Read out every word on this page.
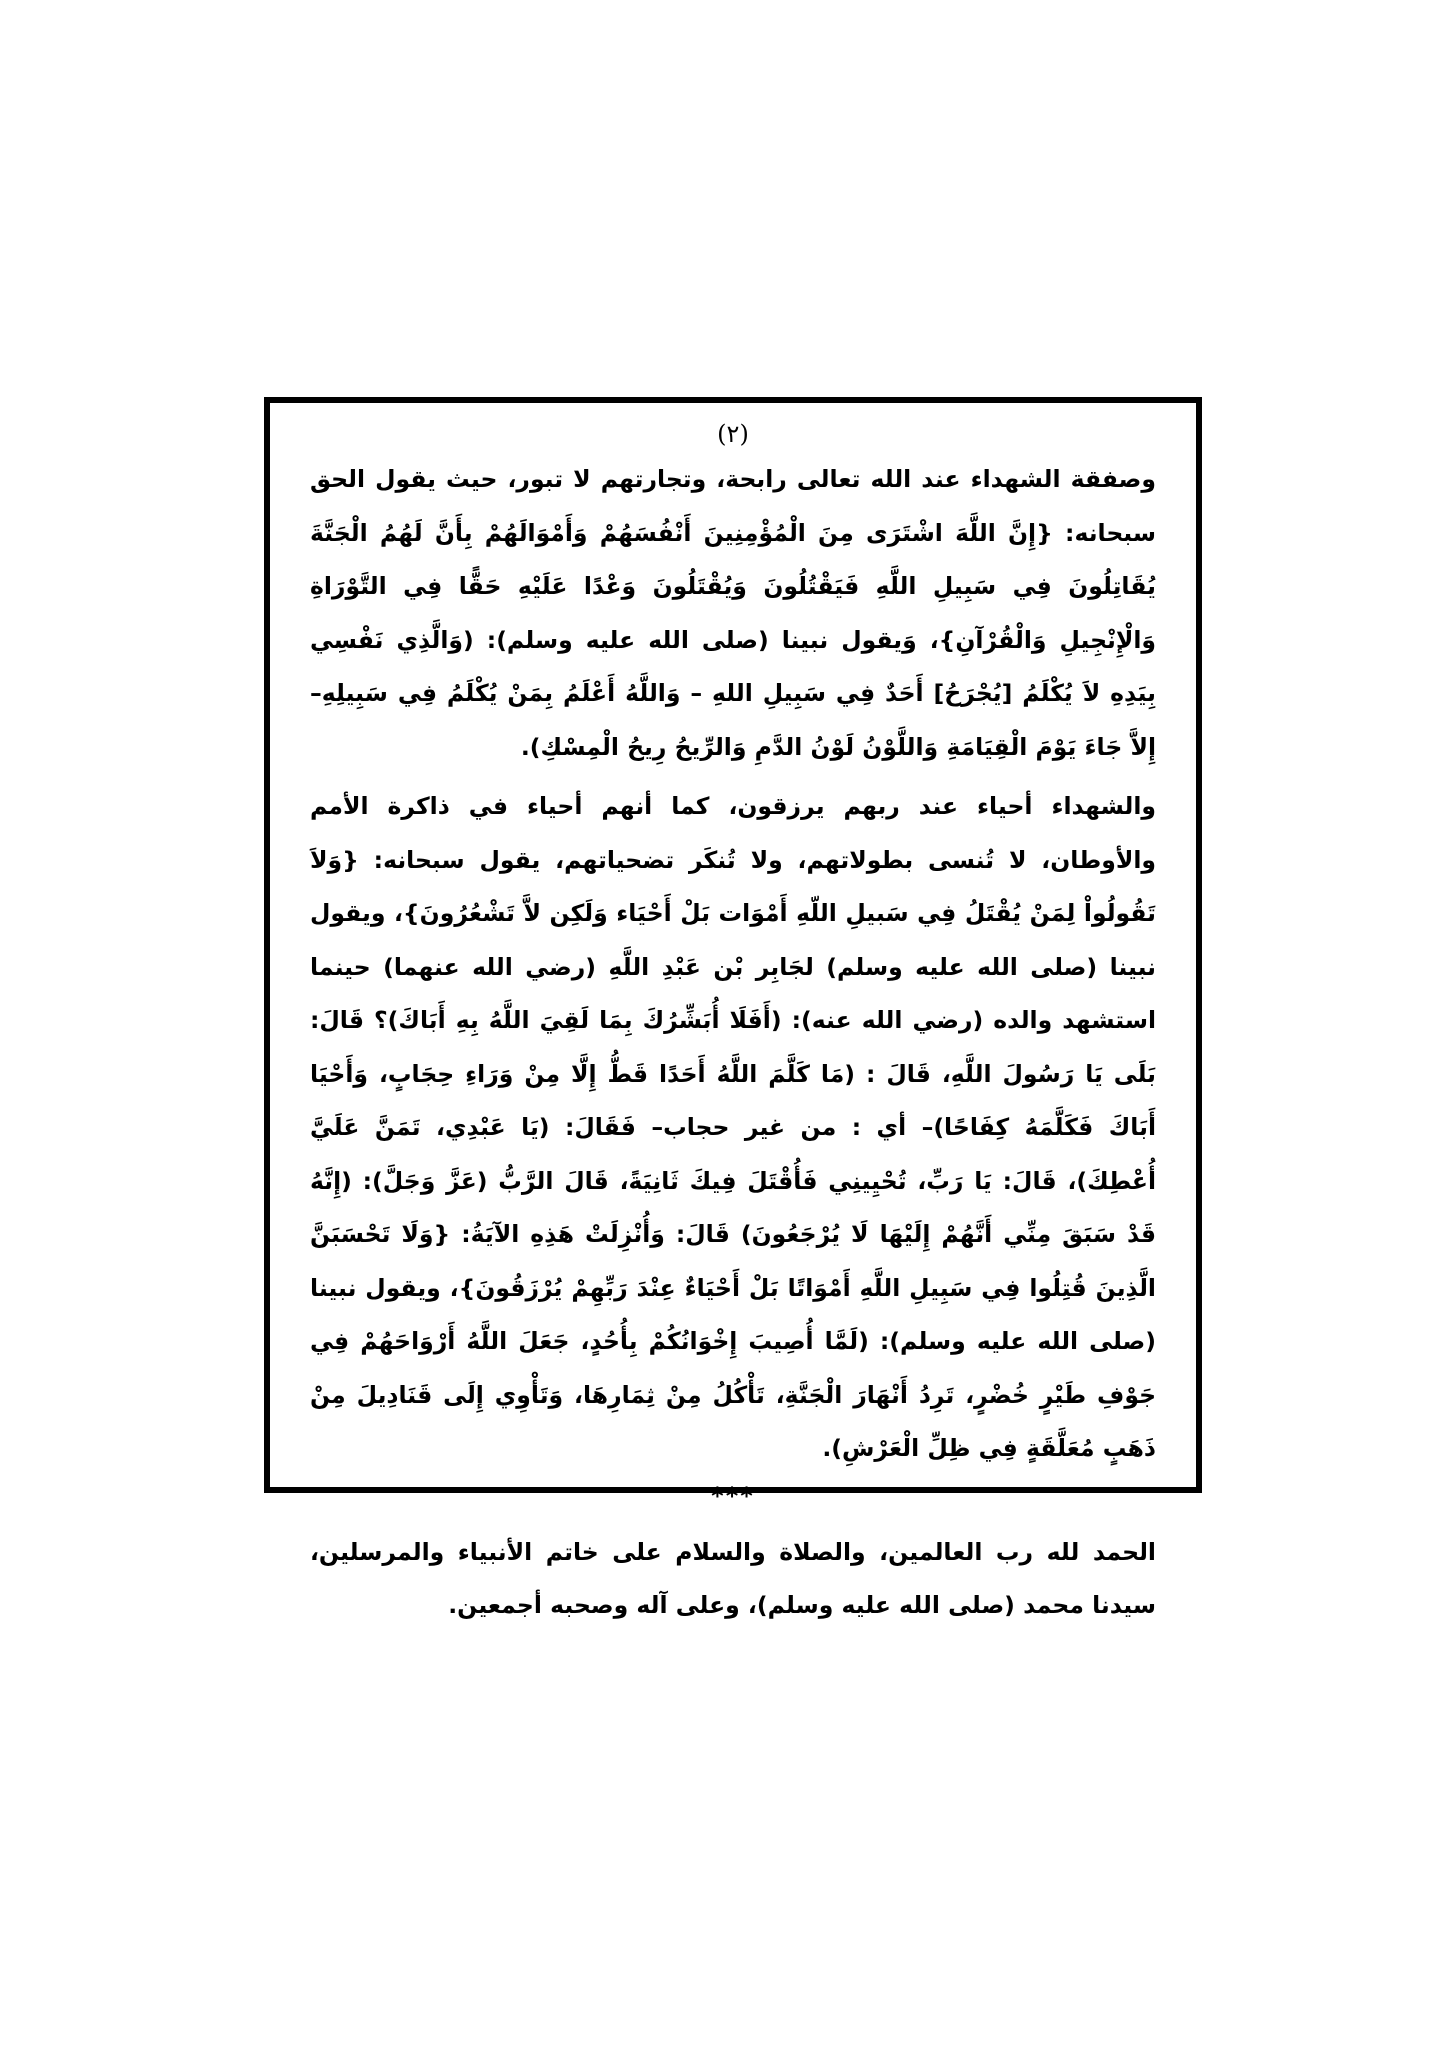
(٢)

وصفقة الشهداء عند الله تعالى رابحة، وتجارتهم لا تبور، حيث يقول الحق سبحانه: {إِنَّ اللَّهَ اشْتَرَى مِنَ الْمُؤْمِنِينَ أَنْفُسَهُمْ وَأَمْوَالَهُمْ بِأَنَّ لَهُمُ الْجَنَّةَ يُقَاتِلُونَ فِي سَبِيلِ اللَّهِ فَيَقْتُلُونَ وَيُقْتَلُونَ وَعْدًا عَلَيْهِ حَقًّا فِي التَّوْرَاةِ وَالْإِنْجِيلِ وَالْقُرْآنِ}، وَيقول نبينا (صلى الله عليه وسلم): (وَالَّذِي نَفْسِي بِيَدِهِ لاَ يُكْلَمُ [يُجْرَحُ] أَحَدٌ فِي سَبِيلِ اللهِ – وَاللَّهُ أَعْلَمُ بِمَنْ يُكْلَمُ فِي سَبِيلِهِ– إِلاَّ جَاءَ يَوْمَ الْقِيَامَةِ وَاللَّوْنُ لَوْنُ الدَّمِ وَالرِّيحُ رِيحُ الْمِسْكِ).

والشهداء أحياء عند ربهم يرزقون، كما أنهم أحياء في ذاكرة الأمم والأوطان، لا تُنسى بطولاتهم، ولا تُنكَر تضحياتهم، يقول سبحانه: {وَلاَ تَقُولُواْ لِمَنْ يُقْتَلُ فِي سَبيلِ اللّهِ أَمْوَات بَلْ أَحْيَاء وَلَكِن لاَّ تَشْعُرُونَ}، ويقول نبينا (صلى الله عليه وسلم) لجَابِر بْن عَبْدِ اللَّهِ (رضي الله عنهما) حينما استشهد والده (رضي الله عنه): (أَفَلَا أُبَشِّرُكَ بِمَا لَقِيَ اللَّهُ بِهِ أَبَاكَ)؟ قَالَ: بَلَى يَا رَسُولَ اللَّهِ، قَالَ : (مَا كَلَّمَ اللَّهُ أَحَدًا قَطُّ إِلَّا مِنْ وَرَاءِ حِجَابٍ، وَأَحْيَا أَبَاكَ فَكَلَّمَهُ كِفَاحًا)– أي : من غير حجاب– فَقَالَ: (يَا عَبْدِي، تَمَنَّ عَلَيَّ أُعْطِكَ)، قَالَ: يَا رَبِّ، تُحْيِينِي فَأُقْتَلَ فِيكَ ثَانِيَةً، قَالَ الرَّبُّ (عَزَّ وَجَلَّ): (إِنَّهُ قَدْ سَبَقَ مِنِّي أَنَّهُمْ إِلَيْهَا لَا يُرْجَعُونَ) قَالَ: وَأُنْزِلَتْ هَذِهِ الآيَةُ: {وَلَا تَحْسَبَنَّ الَّذِينَ قُتِلُوا فِي سَبِيلِ اللَّهِ أَمْوَاتًا بَلْ أَحْيَاءٌ عِنْدَ رَبِّهِمْ يُرْزَقُونَ}، ويقول نبينا (صلى الله عليه وسلم): (لَمَّا أُصِيبَ إِخْوَانُكُمْ بِأُحُدٍ، جَعَلَ اللَّهُ أَرْوَاحَهُمْ فِي جَوْفِ طَيْرٍ خُضْرٍ، تَرِدُ أَنْهَارَ الْجَنَّةِ، تَأْكُلُ مِنْ ثِمَارِهَا، وَتَأْوِي إِلَى قَنَادِيلَ مِنْ ذَهَبٍ مُعَلَّقَةٍ فِي ظِلِّ الْعَرْشِ).

***

الحمد لله رب العالمين، والصلاة والسلام على خاتم الأنبياء والمرسلين، سيدنا محمد (صلى الله عليه وسلم)، وعلى آله وصحبه أجمعين.
